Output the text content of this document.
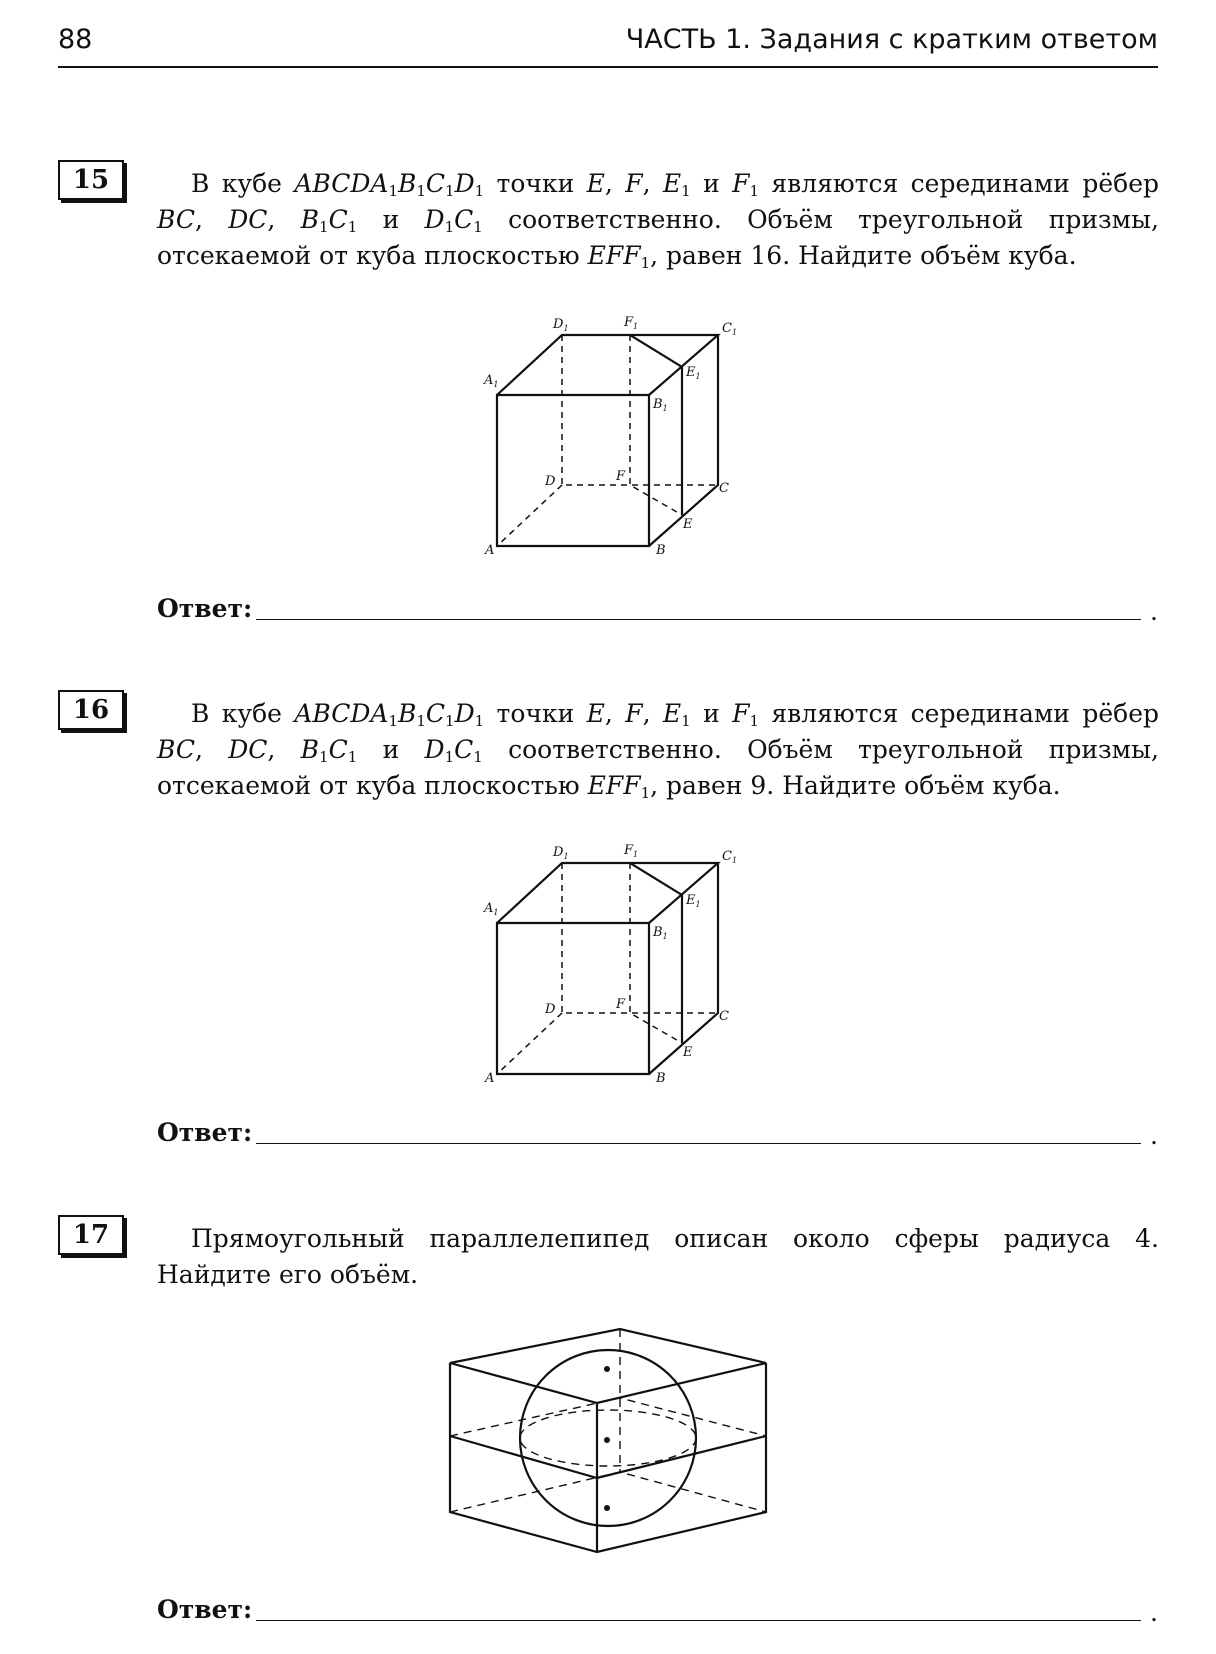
88	ЧАСТЬ 1. Задания с кратким ответом
15	В кубе $ABCDA_1B_1C_1D_1$ точки E, F, $E_1$ и $F_1$ являются серединами рёбер BC, DC, $B_1C_1$ и $D_1C_1$ соответственно. Объём треугольной призмы, отсекаемой от куба плоскостью $EFF_1$, равен 16. Найдите объём куба.
$D_1$	$F_1$	$C_1$
$A_1$
$E_1$
$B_1$
D	F
C
E
A	B
Ответ:	.
16	В кубе $ABCDA_1B_1C_1D_1$ точки E, F, $E_1$ и $F_1$ являются серединами рёбер BC, DC, $B_1C_1$ и $D_1C_1$ соответственно. Объём треугольной призмы, отсекаемой от куба плоскостью $EFF_1$, равен 9. Найдите объём куба.
$D_1$	$F_1$	$C_1$
$A_1$
$E_1$
$B_1$
D	F
C
E
A	B
Ответ:	.
17	Прямоугольный параллелепипед описан около сферы радиуса 4. Найдите его объём.
Ответ:	.
